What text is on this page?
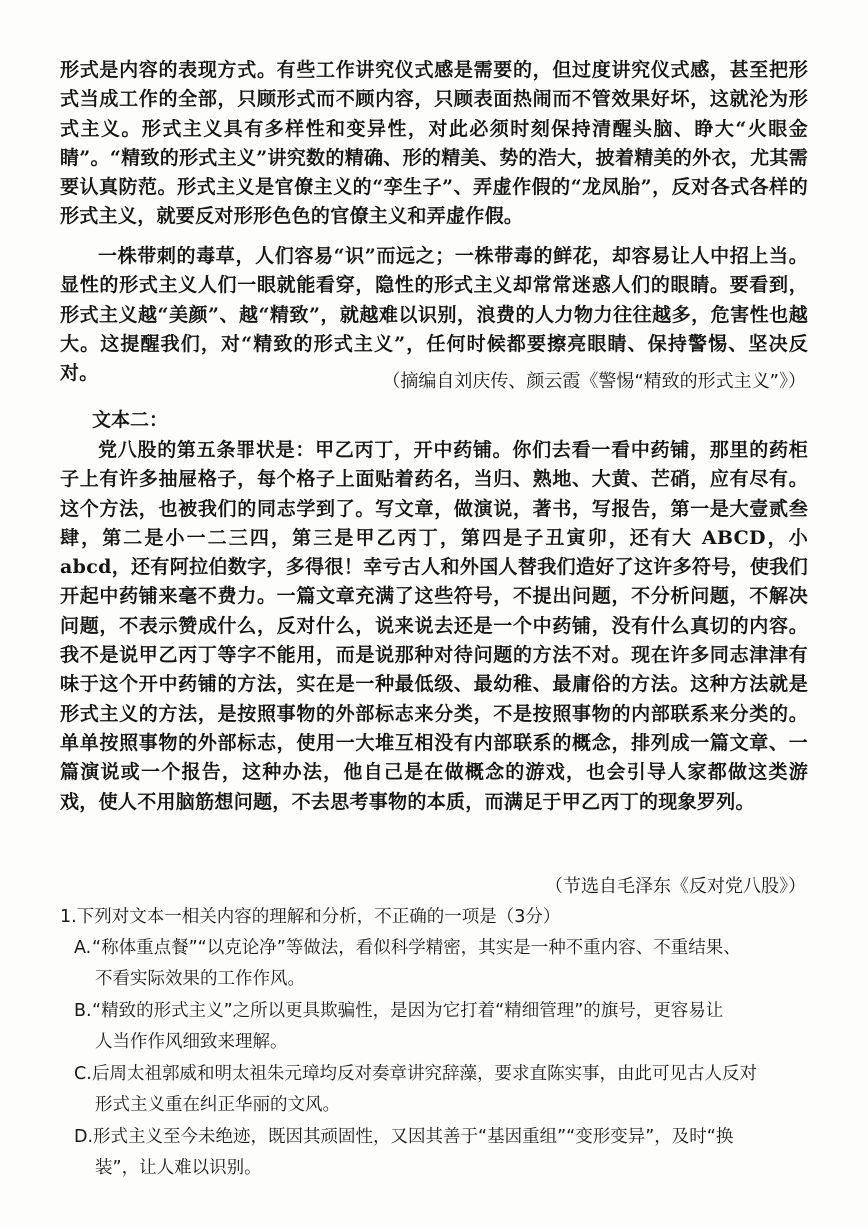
形式是内容的表现方式。有些工作讲究仪式感是需要的，但过度讲究仪式感，甚至把形式当成工作的全部，只顾形式而不顾内容，只顾表面热闹而不管效果好坏，这就沦为形式主义。形式主义具有多样性和变异性，对此必须时刻保持清醒头脑、睁大“火眼金睛”。“精致的形式主义”讲究数的精确、形的精美、势的浩大，披着精美的外衣，尤其需要认真防范。形式主义是官僚主义的“孪生子”、弄虚作假的“龙凤胎”，反对各式各样的形式主义，就要反对形形色色的官僚主义和弄虚作假。
一株带刺的毒草，人们容易“识”而远之；一株带毒的鲜花，却容易让人中招上当。显性的形式主义人们一眼就能看穿，隐性的形式主义却常常迷惑人们的眼睛。要看到，形式主义越“美颜”、越“精致”，就越难以识别，浪费的人力物力往往越多，危害性也越大。这提醒我们，对“精致的形式主义”，任何时候都要擦亮眼睛、保持警惕、坚决反对。	（摘编自刘庆传、颜云霞《警惕“精致的形式主义”》）
文本二：
党八股的第五条罪状是：甲乙丙丁，开中药铺。你们去看一看中药铺，那里的药柜子上有许多抽屉格子，每个格子上面贴着药名，当归、熟地、大黄、芒硝，应有尽有。这个方法，也被我们的同志学到了。写文章，做演说，著书，写报告，第一是大壹贰叁肆，第二是小一二三四，第三是甲乙丙丁，第四是子丑寅卯，还有大 ABCD，小 abcd，还有阿拉伯数字，多得很！幸亏古人和外国人替我们造好了这许多符号，使我们开起中药铺来毫不费力。一篇文章充满了这些符号，不提出问题，不分析问题，不解决问题，不表示赞成什么，反对什么，说来说去还是一个中药铺，没有什么真切的内容。我不是说甲乙丙丁等字不能用，而是说那种对待问题的方法不对。现在许多同志津津有味于这个开中药铺的方法，实在是一种最低级、最幼稚、最庸俗的方法。这种方法就是形式主义的方法，是按照事物的外部标志来分类，不是按照事物的内部联系来分类的。单单按照事物的外部标志，使用一大堆互相没有内部联系的概念，排列成一篇文章、一篇演说或一个报告，这种办法，他自己是在做概念的游戏，也会引导人家都做这类游戏，使人不用脑筋想问题，不去思考事物的本质，而满足于甲乙丙丁的现象罗列。
（节选自毛泽东《反对党八股》）
1.下列对文本一相关内容的理解和分析，不正确的一项是（3分）
A.“称体重点餐”“以克论净”等做法，看似科学精密，其实是一种不重内容、不重结果、
不看实际效果的工作作风。
B.“精致的形式主义”之所以更具欺骗性，是因为它打着“精细管理”的旗号，更容易让
人当作作风细致来理解。
C.后周太祖郭威和明太祖朱元璋均反对奏章讲究辞藻，要求直陈实事，由此可见古人反对
形式主义重在纠正华丽的文风。
D.形式主义至今未绝迹，既因其顽固性，又因其善于“基因重组”“变形变异”，及时“换
装”，让人难以识别。
